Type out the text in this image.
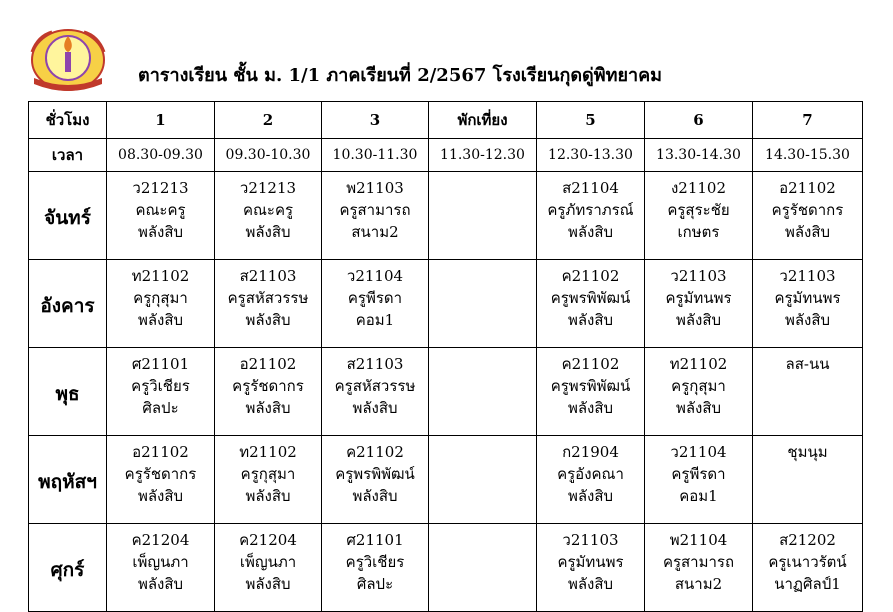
ตารางเรียน ชั้น ม. 1/1 ภาคเรียนที่ 2/2567 โรงเรียนกุดดู่พิทยาคม
ชั่วโมง	1	2	3	พักเที่ยง	5	6	7
เวลา	08.30-09.30	09.30-10.30	10.30-11.30	11.30-12.30	12.30-13.30	13.30-14.30	14.30-15.30
จันทร์	ว21213
คณะครู
พลังสิบ	ว21213
คณะครู
พลังสิบ	พ21103
ครูสามารถ
สนาม2		ส21104
ครูภัทราภรณ์
พลังสิบ	ง21102
ครูสุระชัย
เกษตร	อ21102
ครูรัชดากร
พลังสิบ

อังคาร	ท21102
ครูกุสุมา
พลังสิบ	ส21103
ครูสหัสวรรษ
พลังสิบ	ว21104
ครูพีรดา
คอม1		ค21102
ครูพรพิพัฒน์
พลังสิบ	ว21103
ครูมัทนพร
พลังสิบ	ว21103
ครูมัทนพร
พลังสิบ

พุธ	ศ21101
ครูวิเชียร
ศิลปะ	อ21102
ครูรัชดากร
พลังสิบ	ส21103
ครูสหัสวรรษ
พลังสิบ		ค21102
ครูพรพิพัฒน์
พลังสิบ	ท21102
ครูกุสุมา
พลังสิบ	ลส-นน

พฤหัสฯ	อ21102
ครูรัชดากร
พลังสิบ	ท21102
ครูกุสุมา
พลังสิบ	ค21102
ครูพรพิพัฒน์
พลังสิบ		ก21904
ครูอังคณา
พลังสิบ	ว21104
ครูพีรดา
คอม1	ชุมนุม

ศุกร์	ค21204
เพ็ญนภา
พลังสิบ	ค21204
เพ็ญนภา
พลังสิบ	ศ21101
ครูวิเชียร
ศิลปะ		ว21103
ครูมัทนพร
พลังสิบ	พ21104
ครูสามารถ
สนาม2	ส21202
ครูเนาวรัตน์
นาฏศิลป์1
